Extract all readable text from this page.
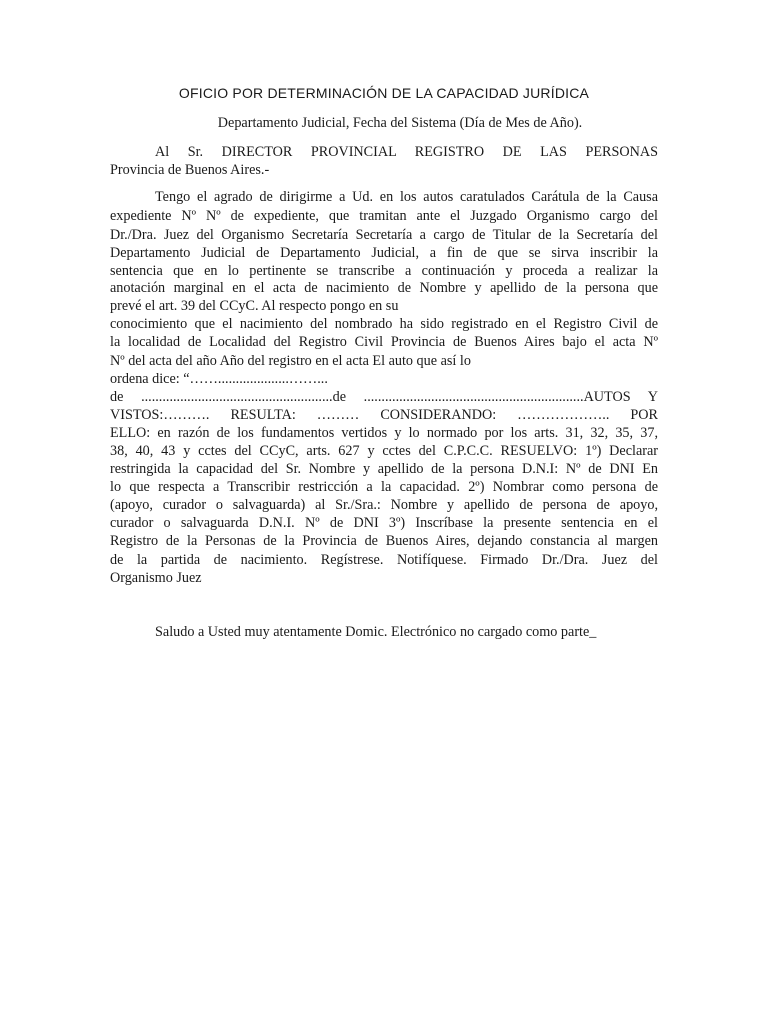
OFICIO POR DETERMINACIÓN DE LA CAPACIDAD JURÍDICA
Departamento Judicial, Fecha del Sistema (Día de Mes de Año).
Al Sr. DIRECTOR PROVINCIAL REGISTRO DE LAS PERSONAS
Provincia de Buenos Aires.-
Tengo el agrado de dirigirme a Ud. en los autos caratulados Carátula de la Causa
expediente Nº Nº de expediente, que tramitan ante el Juzgado Organismo cargo del
Dr./Dra. Juez del Organismo Secretaría Secretaría a cargo de Titular de la Secretaría del
Departamento Judicial de Departamento Judicial, a fin de que se sirva inscribir la
sentencia que en lo pertinente se transcribe a continuación y proceda a realizar la
anotación marginal en el acta de nacimiento de Nombre y apellido de la persona que
prevé el art. 39 del CCyC. Al respecto pongo en su
conocimiento que el nacimiento del nombrado ha sido registrado en el Registro Civil de
la localidad de Localidad del Registro Civil Provincia de Buenos Aires bajo el acta Nº
Nº del acta del año Año del registro en el acta El auto que así lo
ordena dice: “……....................……...
de ......................................................de ..............................................................AUTOS Y
VISTOS:………. RESULTA: ……… CONSIDERANDO: ……………….. POR
ELLO: en razón de los fundamentos vertidos y lo normado por los arts. 31, 32, 35, 37,
38, 40, 43 y cctes del CCyC, arts. 627 y cctes del C.P.C.C. RESUELVO: 1º) Declarar
restringida la capacidad del Sr. Nombre y apellido de la persona D.N.I: Nº de DNI En
lo que respecta a Transcribir restricción a la capacidad. 2º) Nombrar como persona de
(apoyo, curador o salvaguarda) al Sr./Sra.: Nombre y apellido de persona de apoyo,
curador o salvaguarda D.N.I. Nº de DNI 3º) Inscríbase la presente sentencia en el
Registro de la Personas de la Provincia de Buenos Aires, dejando constancia al margen
de la partida de nacimiento. Regístrese. Notifíquese. Firmado Dr./Dra. Juez del
Organismo Juez
Saludo a Usted muy atentamente Domic. Electrónico no cargado como parte_
